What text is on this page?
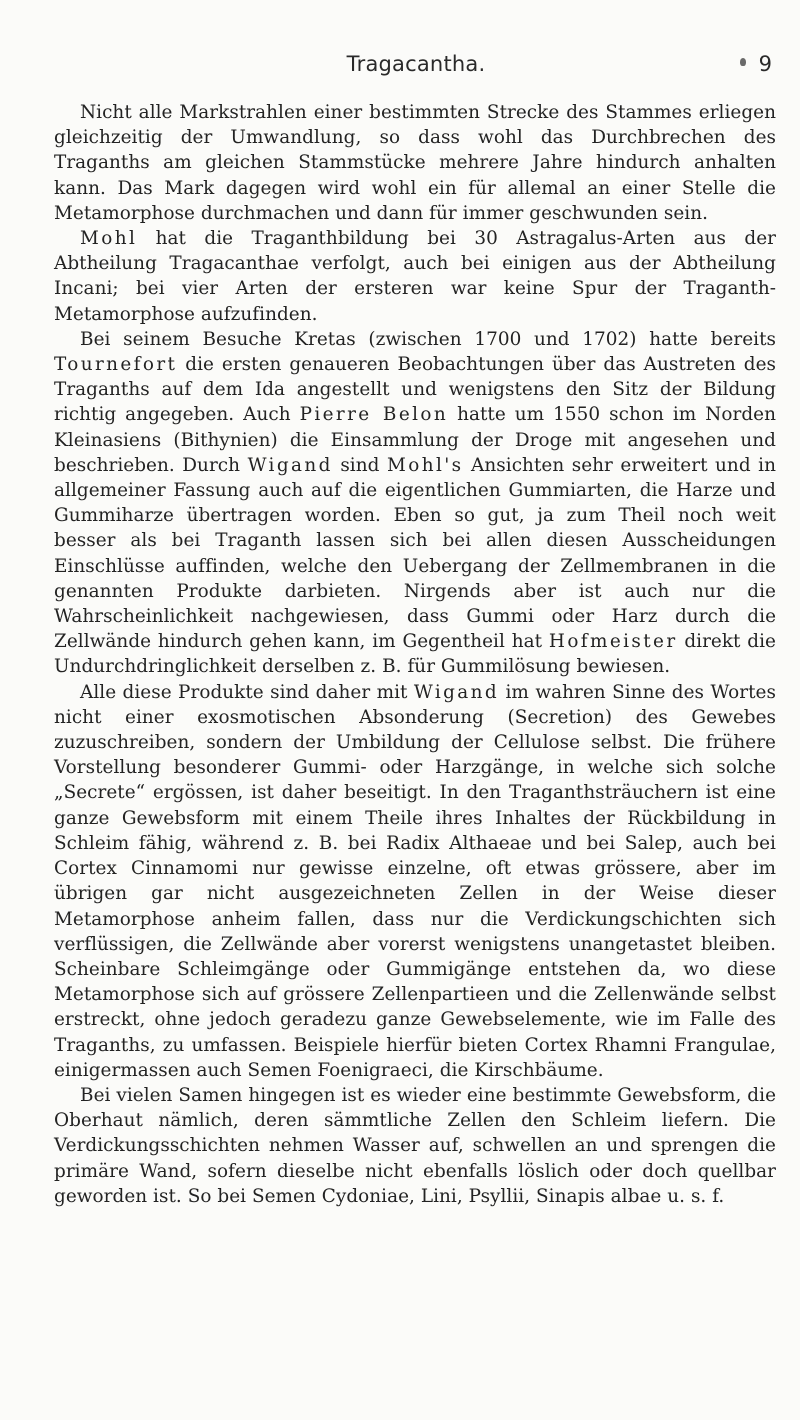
Tragacantha.	9

Nicht alle Markstrahlen einer bestimmten Strecke des Stammes erliegen gleichzeitig der Umwandlung, so dass wohl das Durchbrechen des Traganths am gleichen Stammstücke mehrere Jahre hindurch anhalten kann. Das Mark dagegen wird wohl ein für allemal an einer Stelle die Metamorphose durchmachen und dann für immer geschwunden sein.

Mohl hat die Traganthbildung bei 30 Astragalus-Arten aus der Abtheilung Tragacanthae verfolgt, auch bei einigen aus der Abtheilung Incani; bei vier Arten der ersteren war keine Spur der Traganth-Metamorphose aufzufinden.

Bei seinem Besuche Kretas (zwischen 1700 und 1702) hatte bereits Tournefort die ersten genaueren Beobachtungen über das Austreten des Traganths auf dem Ida angestellt und wenigstens den Sitz der Bildung richtig angegeben. Auch Pierre Belon hatte um 1550 schon im Norden Kleinasiens (Bithynien) die Einsammlung der Droge mit angesehen und beschrieben. Durch Wigand sind Mohl's Ansichten sehr erweitert und in allgemeiner Fassung auch auf die eigentlichen Gummiarten, die Harze und Gummiharze übertragen worden. Eben so gut, ja zum Theil noch weit besser als bei Traganth lassen sich bei allen diesen Ausscheidungen Einschlüsse auffinden, welche den Uebergang der Zellmembranen in die genannten Produkte darbieten. Nirgends aber ist auch nur die Wahrscheinlichkeit nachgewiesen, dass Gummi oder Harz durch die Zellwände hindurch gehen kann, im Gegentheil hat Hofmeister direkt die Undurchdringlichkeit derselben z. B. für Gummilösung bewiesen.

Alle diese Produkte sind daher mit Wigand im wahren Sinne des Wortes nicht einer exosmotischen Absonderung (Secretion) des Gewebes zuzuschreiben, sondern der Umbildung der Cellulose selbst. Die frühere Vorstellung besonderer Gummi- oder Harzgänge, in welche sich solche „Secrete“ ergössen, ist daher beseitigt. In den Traganthsträuchern ist eine ganze Gewebsform mit einem Theile ihres Inhaltes der Rückbildung in Schleim fähig, während z. B. bei Radix Althaeae und bei Salep, auch bei Cortex Cinnamomi nur gewisse einzelne, oft etwas grössere, aber im übrigen gar nicht ausgezeichneten Zellen in der Weise dieser Metamorphose anheim fallen, dass nur die Verdickungschichten sich verflüssigen, die Zellwände aber vorerst wenigstens unangetastet bleiben. Scheinbare Schleimgänge oder Gummigänge entstehen da, wo diese Metamorphose sich auf grössere Zellenpartieen und die Zellenwände selbst erstreckt, ohne jedoch geradezu ganze Gewebselemente, wie im Falle des Traganths, zu umfassen. Beispiele hierfür bieten Cortex Rhamni Frangulae, einigermassen auch Semen Foenigraeci, die Kirschbäume.

Bei vielen Samen hingegen ist es wieder eine bestimmte Gewebsform, die Oberhaut nämlich, deren sämmtliche Zellen den Schleim liefern. Die Verdickungsschichten nehmen Wasser auf, schwellen an und sprengen die primäre Wand, sofern dieselbe nicht ebenfalls löslich oder doch quellbar geworden ist. So bei Semen Cydoniae, Lini, Psyllii, Sinapis albae u. s. f.
